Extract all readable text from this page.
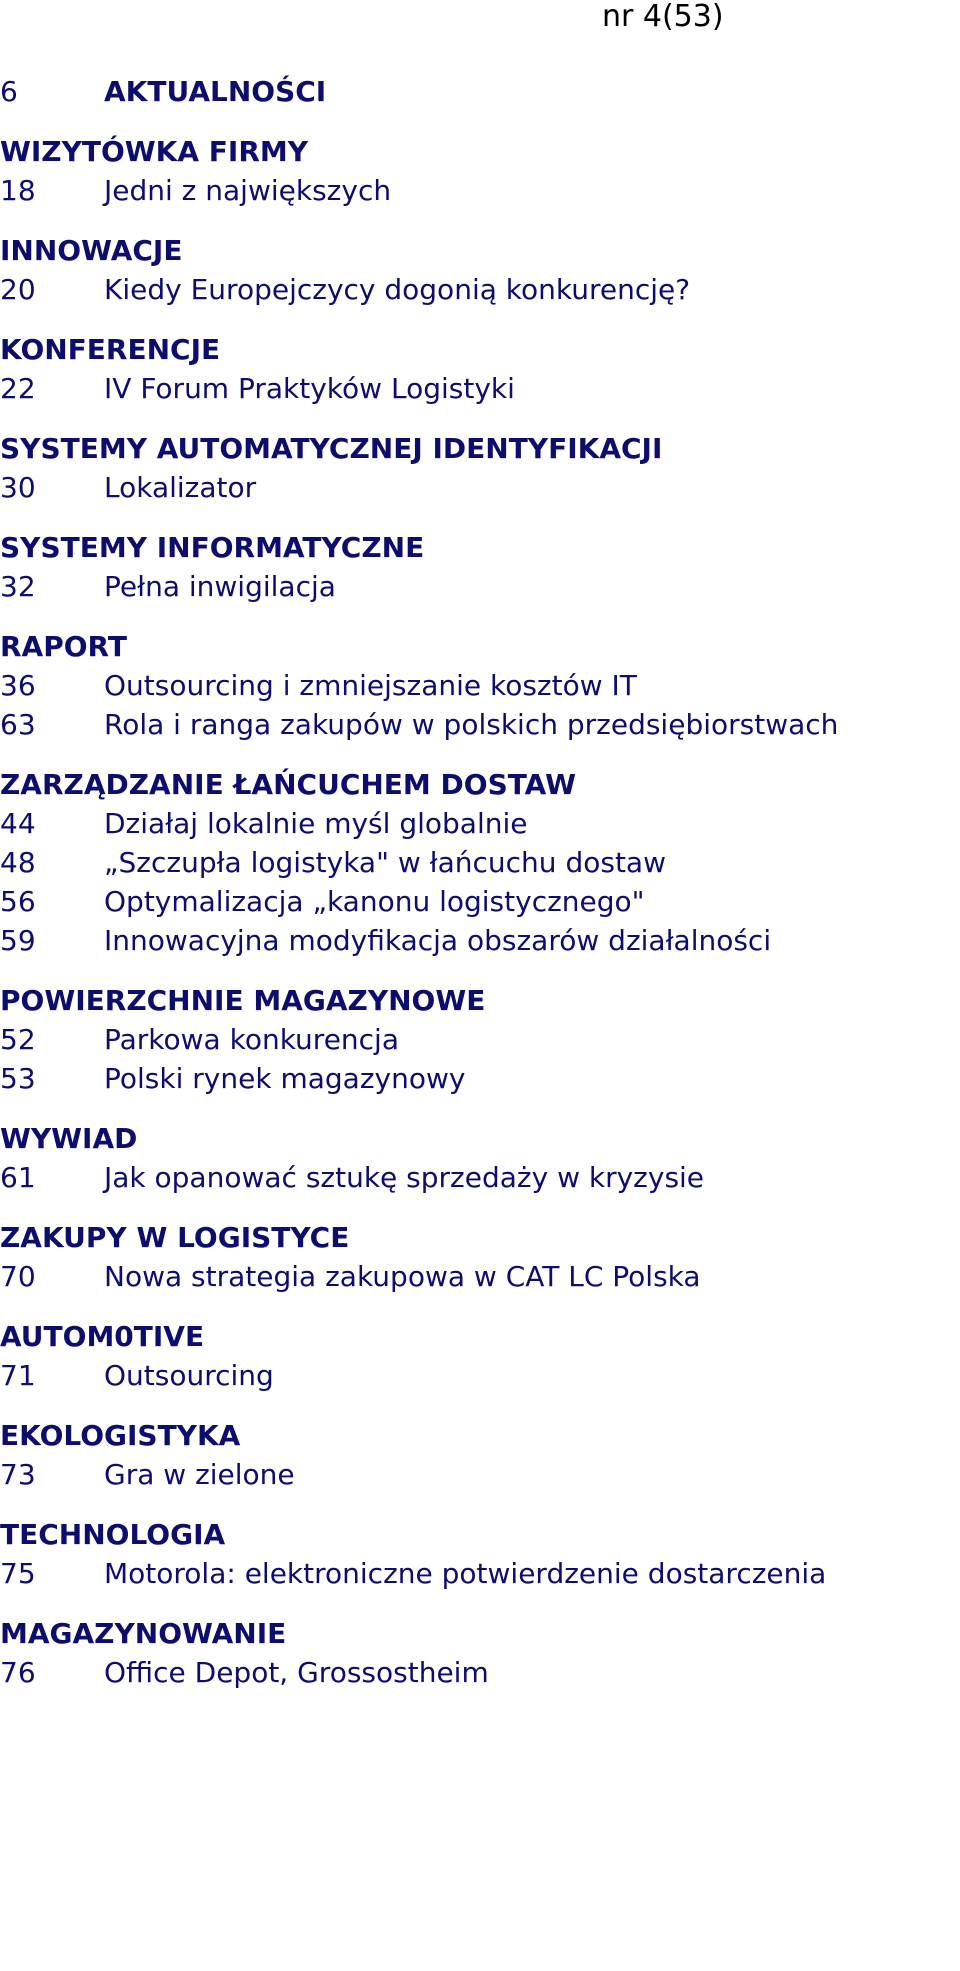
nr 4(53)
6	AKTUALNOŚCI
WIZYTÓWKA FIRMY
18	Jedni z największych
INNOWACJE
20	Kiedy Europejczycy dogonią konkurencję?
KONFERENCJE
22	IV Forum Praktyków Logistyki
SYSTEMY AUTOMATYCZNEJ IDENTYFIKACJI
30	Lokalizator
SYSTEMY INFORMATYCZNE
32	Pełna inwigilacja
RAPORT
36	Outsourcing i zmniejszanie kosztów IT
63	Rola i ranga zakupów w polskich przedsiębiorstwach
ZARZĄDZANIE ŁAŃCUCHEM DOSTAW
44	Działaj lokalnie myśl globalnie
48	„Szczupła logistyka" w łańcuchu dostaw
56	Optymalizacja „kanonu logistycznego"
59	Innowacyjna modyfikacja obszarów działalności
POWIERZCHNIE MAGAZYNOWE
52	Parkowa konkurencja
53	Polski rynek magazynowy
WYWIAD
61	Jak opanować sztukę sprzedaży w kryzysie
ZAKUPY W LOGISTYCE
70	Nowa strategia zakupowa w CAT LC Polska
AUTOM0TIVE
71	Outsourcing
EKOLOGISTYKA
73	Gra w zielone
TECHNOLOGIA
75	Motorola: elektroniczne potwierdzenie dostarczenia
MAGAZYNOWANIE
76	Office Depot, Grossostheim
